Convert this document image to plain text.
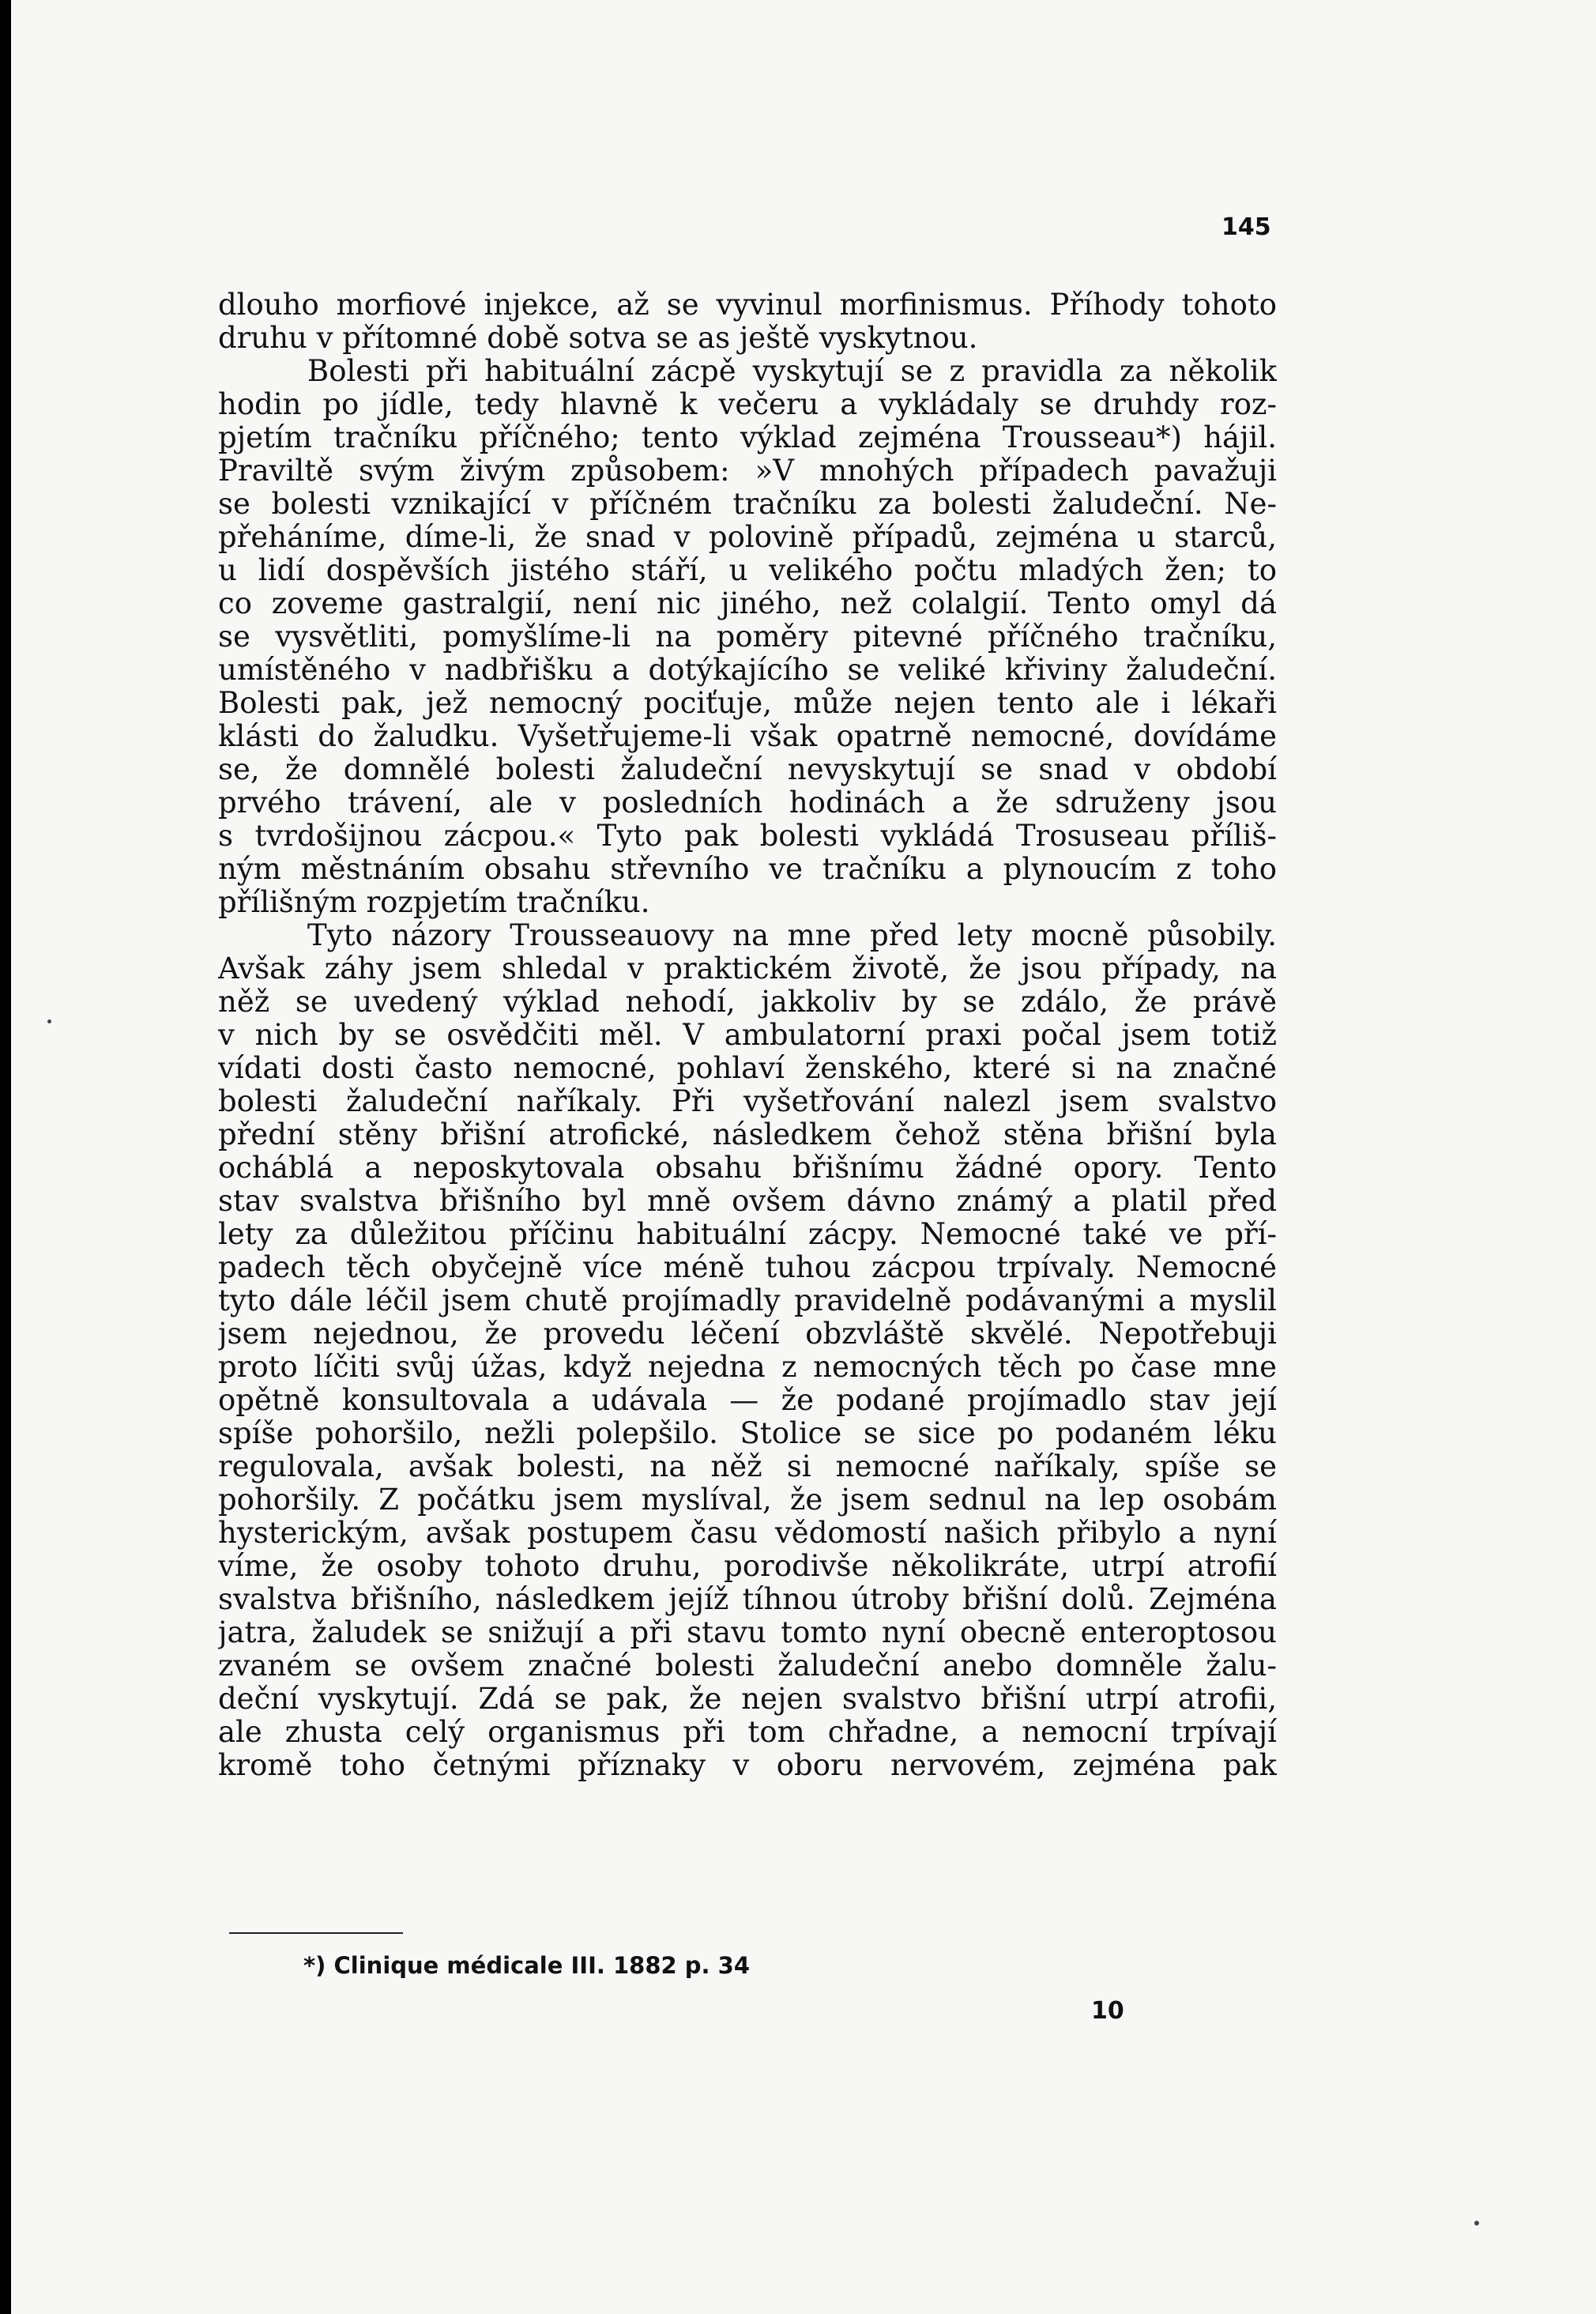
145
dlouho morfiové injekce, až se vyvinul morfinismus. Příhody tohoto
druhu v přítomné době sotva se as ještě vyskytnou.
Bolesti při habituální zácpě vyskytují se z pravidla za několik
hodin po jídle, tedy hlavně k večeru a vykládaly se druhdy roz-
pjetím tračníku příčného; tento výklad zejména Trousseau*) hájil.
Praviltě svým živým způsobem: »V mnohých případech pavažuji
se bolesti vznikající v příčném tračníku za bolesti žaludeční. Ne-
přeháníme, díme-li, že snad v polovině případů, zejména u starců,
u lidí dospěvších jistého stáří, u velikého počtu mladých žen; to
co zoveme gastralgií, není nic jiného, než colalgií. Tento omyl dá
se vysvětliti, pomyšlíme-li na poměry pitevné příčného tračníku,
umístěného v nadbřišku a dotýkajícího se veliké křiviny žaludeční.
Bolesti pak, jež nemocný pociťuje, může nejen tento ale i lékaři
klásti do žaludku. Vyšetřujeme-li však opatrně nemocné, dovídáme
se, že domnělé bolesti žaludeční nevyskytují se snad v období
prvého trávení, ale v posledních hodinách a že sdruženy jsou
s tvrdošijnou zácpou.« Tyto pak bolesti vykládá Trosuseau příliš-
ným městnáním obsahu střevního ve tračníku a plynoucím z toho
přílišným rozpjetím tračníku.
Tyto názory Trousseauovy na mne před lety mocně působily.
Avšak záhy jsem shledal v praktickém životě, že jsou případy, na
něž se uvedený výklad nehodí, jakkoliv by se zdálo, že právě
v nich by se osvědčiti měl. V ambulatorní praxi počal jsem totiž
vídati dosti často nemocné, pohlaví ženského, které si na značné
bolesti žaludeční naříkaly. Při vyšetřování nalezl jsem svalstvo
přední stěny břišní atrofické, následkem čehož stěna břišní byla
ocháblá a neposkytovala obsahu břišnímu žádné opory. Tento
stav svalstva břišního byl mně ovšem dávno známý a platil před
lety za důležitou příčinu habituální zácpy. Nemocné také ve pří-
padech těch obyčejně více méně tuhou zácpou trpívaly. Nemocné
tyto dále léčil jsem chutě projímadly pravidelně podávanými a myslil
jsem nejednou, že provedu léčení obzvláště skvělé. Nepotřebuji
proto líčiti svůj úžas, když nejedna z nemocných těch po čase mne
opětně konsultovala a udávala — že podané projímadlo stav její
spíše pohoršilo, nežli polepšilo. Stolice se sice po podaném léku
regulovala, avšak bolesti, na něž si nemocné naříkaly, spíše se
pohoršily. Z počátku jsem myslíval, že jsem sednul na lep osobám
hysterickým, avšak postupem času vědomostí našich přibylo a nyní
víme, že osoby tohoto druhu, porodivše několikráte, utrpí atrofií
svalstva břišního, následkem jejíž tíhnou útroby břišní dolů. Zejména
jatra, žaludek se snižují a při stavu tomto nyní obecně enteroptosou
zvaném se ovšem značné bolesti žaludeční anebo domněle žalu-
deční vyskytují. Zdá se pak, že nejen svalstvo břišní utrpí atrofii,
ale zhusta celý organismus při tom chřadne, a nemocní trpívají
kromě toho četnými příznaky v oboru nervovém, zejména pak
*) Clinique médicale III. 1882 p. 34
10
